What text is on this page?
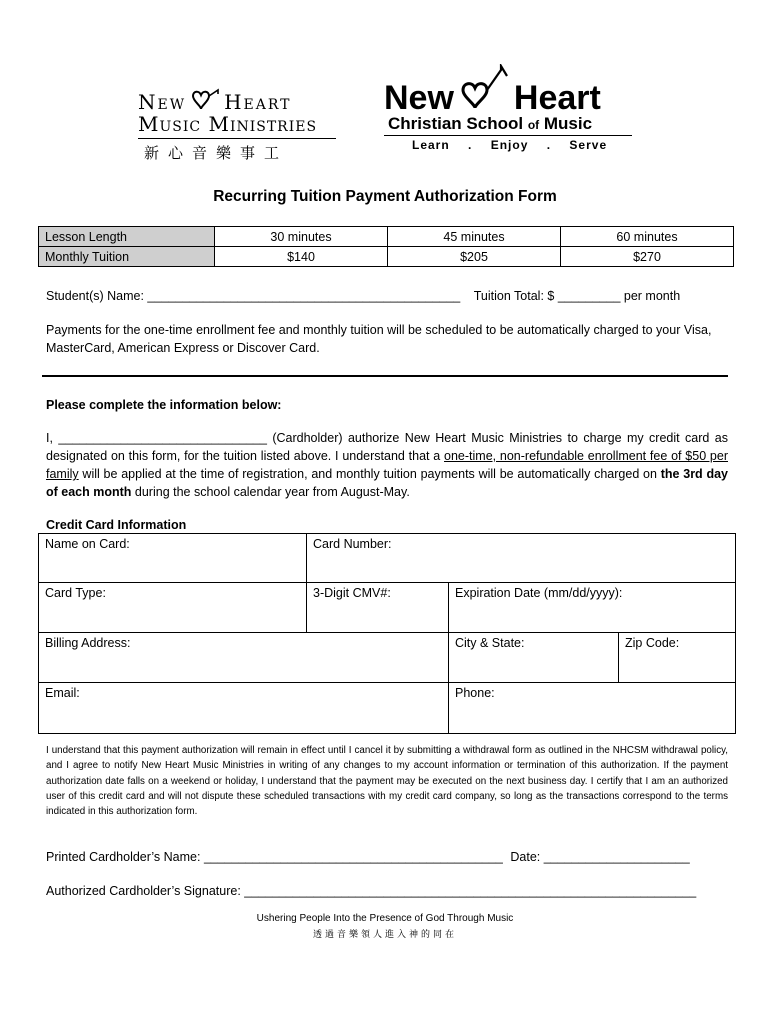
New Heart
Music Ministries
新心音樂事工
New Heart
Christian School of Music
Learn . Enjoy . Serve
Recurring Tuition Payment Authorization Form
Lesson Length	30 minutes	45 minutes	60 minutes
Monthly Tuition	$140	$205	$270
Student(s) Name: _____________________________________________ Tuition Total: $ _________ per month
Payments for the one-time enrollment fee and monthly tuition will be scheduled to be automatically charged to your Visa, MasterCard, American Express or Discover Card.
Please complete the information below:
I, ______________________________ (Cardholder) authorize New Heart Music Ministries to charge my credit card as designated on this form, for the tuition listed above. I understand that a one-time, non-refundable enrollment fee of $50 per family will be applied at the time of registration, and monthly tuition payments will be automatically charged on the 3rd day of each month during the school calendar year from August-May.
Credit Card Information
Name on Card:	Card Number:
Card Type:	3-Digit CMV#:	Expiration Date (mm/dd/yyyy):
Billing Address:	City & State:	Zip Code:
Email:	Phone:
I understand that this payment authorization will remain in effect until I cancel it by submitting a withdrawal form as outlined in the NHCSM withdrawal policy, and I agree to notify New Heart Music Ministries in writing of any changes to my account information or termination of this authorization. If the payment authorization date falls on a weekend or holiday, I understand that the payment may be executed on the next business day. I certify that I am an authorized user of this credit card and will not dispute these scheduled transactions with my credit card company, so long as the transactions correspond to the terms indicated in this authorization form.
Printed Cardholder’s Name: ___________________________________________ Date: _____________________
Authorized Cardholder’s Signature: _________________________________________________________________
Ushering People Into the Presence of God Through Music
透過音樂領人進入神的同在
